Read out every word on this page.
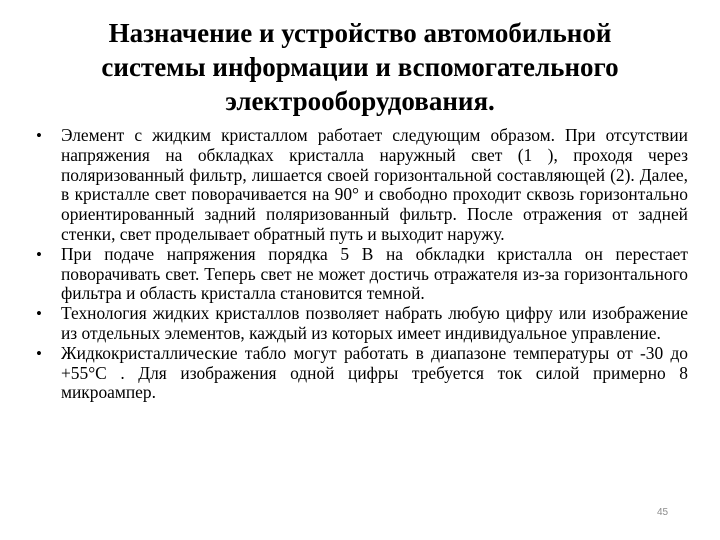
Назначение и устройство автомобильной
системы информации и вспомогательного
электрооборудования.
•	Элемент с жидким кристаллом работает следующим образом. При отсутствии напряжения на обкладках кристалла наружный свет (1 ), проходя через поляризованный фильтр, лишается своей горизонтальной составляющей (2). Далее, в кристалле свет поворачивается на 90° и свободно проходит сквозь горизонтально ориентированный задний поляризованный фильтр. После отражения от задней стенки, свет проделывает обратный путь и выходит наружу.
•	При подаче напряжения порядка 5 В на обкладки кристалла он перестает поворачивать свет. Теперь свет не может достичь отражателя из-за горизонтального фильтра и область кристалла становится темной.
•	Технология жидких кристаллов позволяет набрать любую цифру или изображение из отдельных элементов, каждый из которых имеет индивидуальное управление.
•	Жидкокристаллические табло могут работать в диапазоне температуры от -30 до +55°С . Для изображения одной цифры требуется ток силой примерно 8 микроампер.
45
